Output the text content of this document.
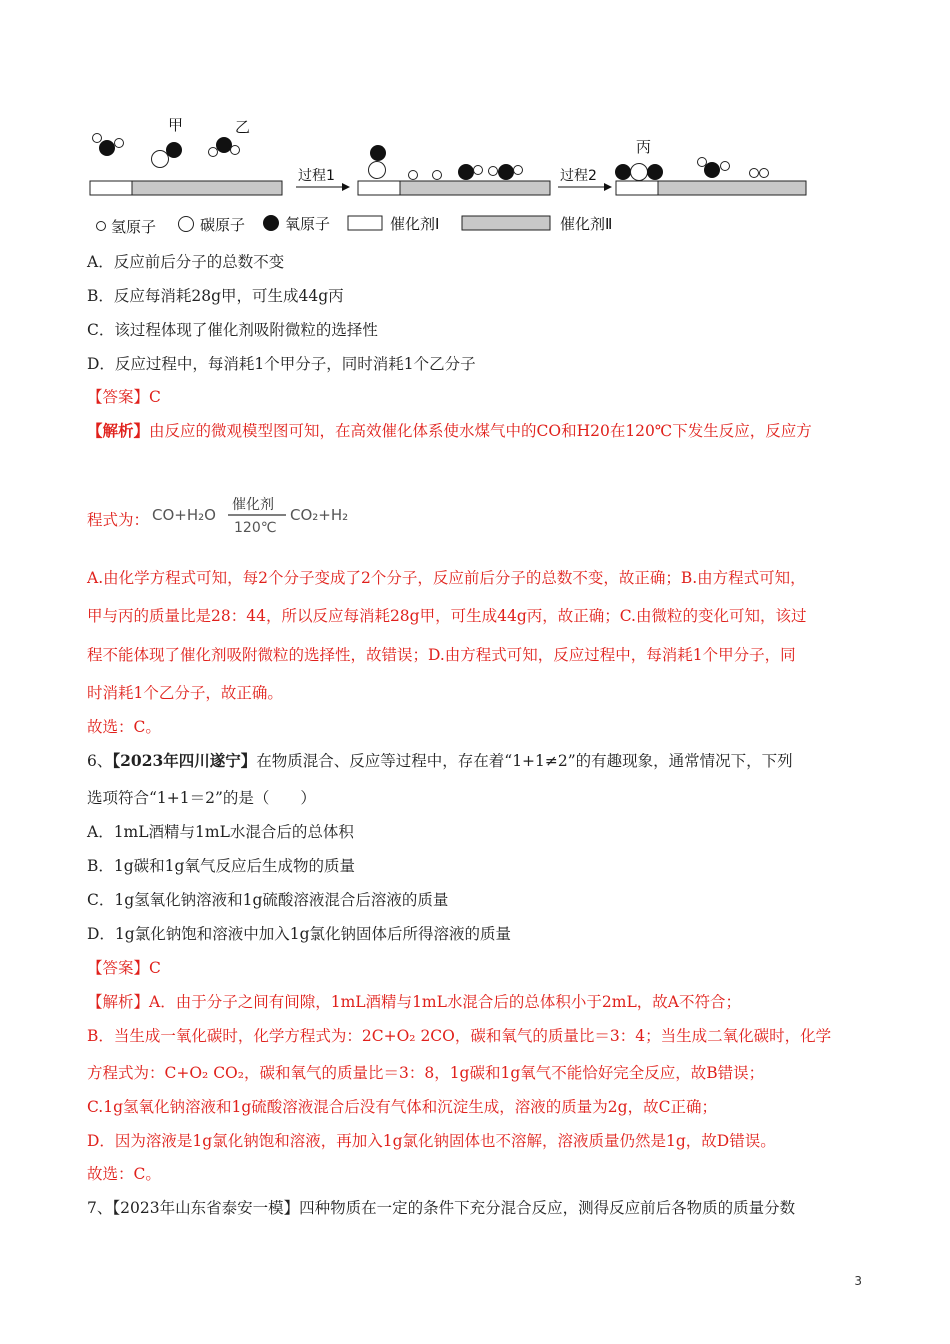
甲	乙
过程1	过程2
丙
氢原子	碳原子	氧原子	催化剂Ⅰ	催化剂Ⅱ
A．反应前后分子的总数不变
B．反应每消耗28g甲，可生成44g丙
C．该过程体现了催化剂吸附微粒的选择性
D．反应过程中，每消耗1个甲分子，同时消耗1个乙分子
【答案】C
【解析】由反应的微观模型图可知，在高效催化体系使水煤气中的CO和H20在120℃下发生反应，反应方
程式为： CO+H₂O
催化剂
120℃
CO₂+H₂
A.由化学方程式可知，每2个分子变成了2个分子，反应前后分子的总数不变，故正确；B.由方程式可知，
甲与丙的质量比是28：44，所以反应每消耗28g甲，可生成44g丙，故正确；C.由微粒的变化可知，该过
程不能体现了催化剂吸附微粒的选择性，故错误；D.由方程式可知，反应过程中，每消耗1个甲分子，同
时消耗1个乙分子，故正确。
故选：C。
6、【2023年四川遂宁】在物质混合、反应等过程中，存在着“1+1≠2”的有趣现象，通常情况下，下列
选项符合“1+1＝2”的是（　　）
A．1mL酒精与1mL水混合后的总体积
B．1g碳和1g氧气反应后生成物的质量
C．1g氢氧化钠溶液和1g硫酸溶液混合后溶液的质量
D．1g氯化钠饱和溶液中加入1g氯化钠固体后所得溶液的质量
【答案】C
【解析】A．由于分子之间有间隙，1mL酒精与1mL水混合后的总体积小于2mL，故A不符合；
B．当生成一氧化碳时，化学方程式为：2C+O₂ 2CO，碳和氧气的质量比＝3：4；当生成二氧化碳时，化学
方程式为：C+O₂ CO₂，碳和氧气的质量比＝3：8，1g碳和1g氧气不能恰好完全反应，故B错误；
C.1g氢氧化钠溶液和1g硫酸溶液混合后没有气体和沉淀生成，溶液的质量为2g，故C正确；
D．因为溶液是1g氯化钠饱和溶液，再加入1g氯化钠固体也不溶解，溶液质量仍然是1g，故D错误。
故选：C。
7、【2023年山东省泰安一模】四种物质在一定的条件下充分混合反应，测得反应前后各物质的质量分数
3
